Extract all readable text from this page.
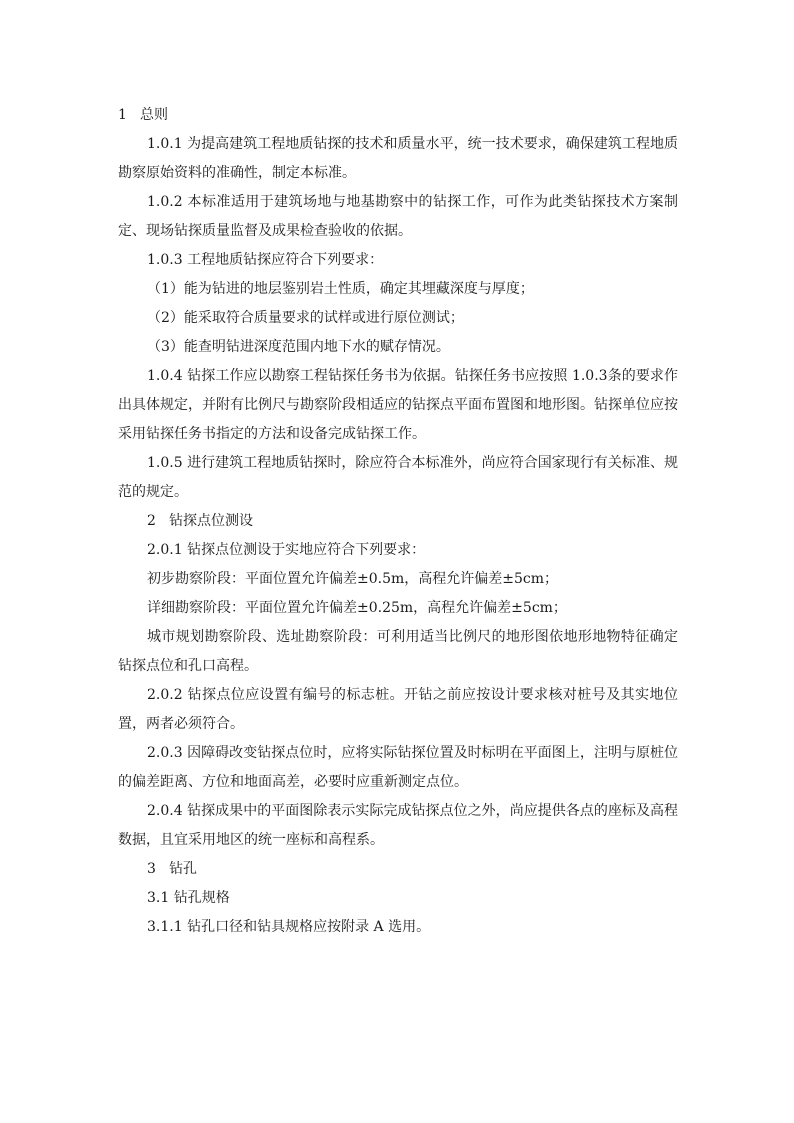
1 总则

1.0.1 为提高建筑工程地质钻探的技术和质量水平，统一技术要求，确保建筑工程地质勘察原始资料的准确性，制定本标准。

1.0.2 本标准适用于建筑场地与地基勘察中的钻探工作，可作为此类钻探技术方案制定、现场钻探质量监督及成果检查验收的依据。

1.0.3 工程地质钻探应符合下列要求：

（1）能为钻进的地层鉴别岩土性质，确定其埋藏深度与厚度；

（2）能采取符合质量要求的试样或进行原位测试；

（3）能查明钻进深度范围内地下水的赋存情况。

1.0.4 钻探工作应以勘察工程钻探任务书为依据。钻探任务书应按照 1.0.3条的要求作出具体规定，并附有比例尺与勘察阶段相适应的钻探点平面布置图和地形图。钻探单位应按采用钻探任务书指定的方法和设备完成钻探工作。

1.0.5 进行建筑工程地质钻探时，除应符合本标准外，尚应符合国家现行有关标准、规范的规定。

2 钻探点位测设

2.0.1 钻探点位测设于实地应符合下列要求：

初步勘察阶段：平面位置允许偏差±0.5m，高程允许偏差±5cm；

详细勘察阶段：平面位置允许偏差±0.25m，高程允许偏差±5cm；

城市规划勘察阶段、选址勘察阶段：可利用适当比例尺的地形图依地形地物特征确定钻探点位和孔口高程。

2.0.2 钻探点位应设置有编号的标志桩。开钻之前应按设计要求核对桩号及其实地位置，两者必须符合。

2.0.3 因障碍改变钻探点位时，应将实际钻探位置及时标明在平面图上，注明与原桩位的偏差距离、方位和地面高差，必要时应重新测定点位。

2.0.4 钻探成果中的平面图除表示实际完成钻探点位之外，尚应提供各点的座标及高程数据，且宜采用地区的统一座标和高程系。

3 钻孔

3.1 钻孔规格

3.1.1 钻孔口径和钻具规格应按附录 A 选用。
